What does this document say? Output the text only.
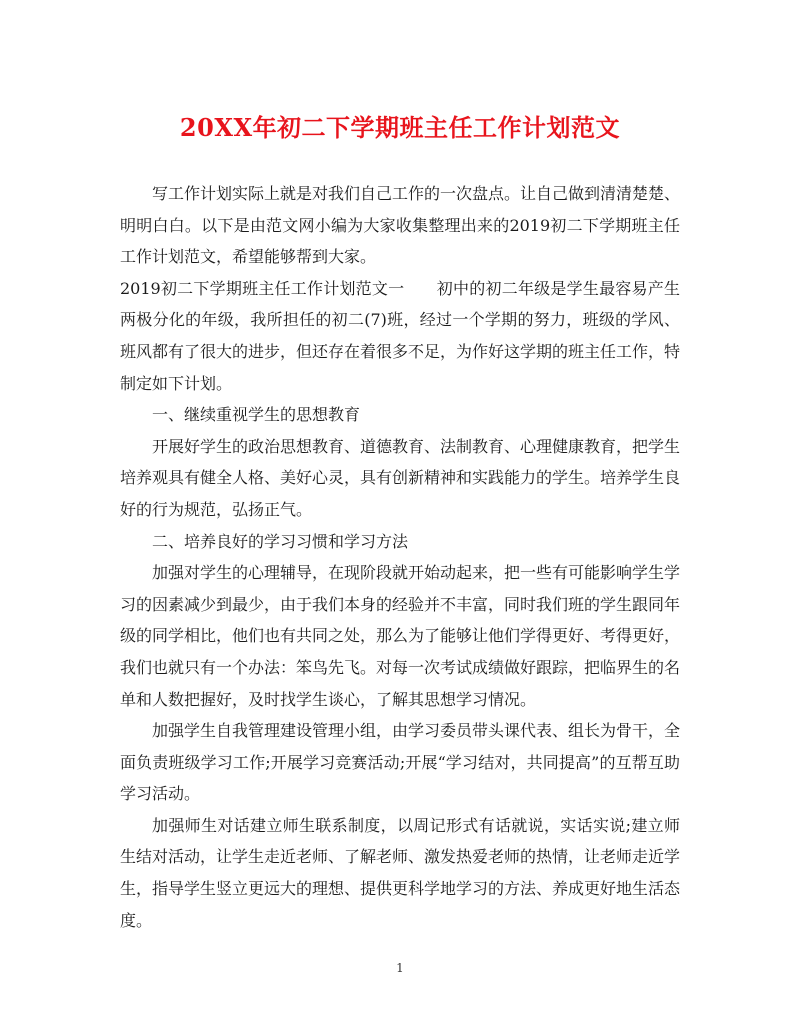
20XX年初二下学期班主任工作计划范文

写工作计划实际上就是对我们自己工作的一次盘点。让自己做到清清楚楚、明明白白。以下是由范文网小编为大家收集整理出来的2019初二下学期班主任工作计划范文，希望能够帮到大家。

2019初二下学期班主任工作计划范文一　　初中的初二年级是学生最容易产生两极分化的年级，我所担任的初二(7)班，经过一个学期的努力，班级的学风、班风都有了很大的进步，但还存在着很多不足，为作好这学期的班主任工作，特制定如下计划。

一、继续重视学生的思想教育

开展好学生的政治思想教育、道德教育、法制教育、心理健康教育，把学生培养观具有健全人格、美好心灵，具有创新精神和实践能力的学生。培养学生良好的行为规范，弘扬正气。

二、培养良好的学习习惯和学习方法

加强对学生的心理辅导，在现阶段就开始动起来，把一些有可能影响学生学习的因素减少到最少，由于我们本身的经验并不丰富，同时我们班的学生跟同年级的同学相比，他们也有共同之处，那么为了能够让他们学得更好、考得更好，我们也就只有一个办法：笨鸟先飞。对每一次考试成绩做好跟踪，把临界生的名单和人数把握好，及时找学生谈心，了解其思想学习情况。

加强学生自我管理建设管理小组，由学习委员带头课代表、组长为骨干，全面负责班级学习工作;开展学习竞赛活动;开展“学习结对，共同提高”的互帮互助学习活动。

加强师生对话建立师生联系制度，以周记形式有话就说，实话实说;建立师生结对活动，让学生走近老师、了解老师、激发热爱老师的热情，让老师走近学生，指导学生竖立更远大的理想、提供更科学地学习的方法、养成更好地生活态度。

1
